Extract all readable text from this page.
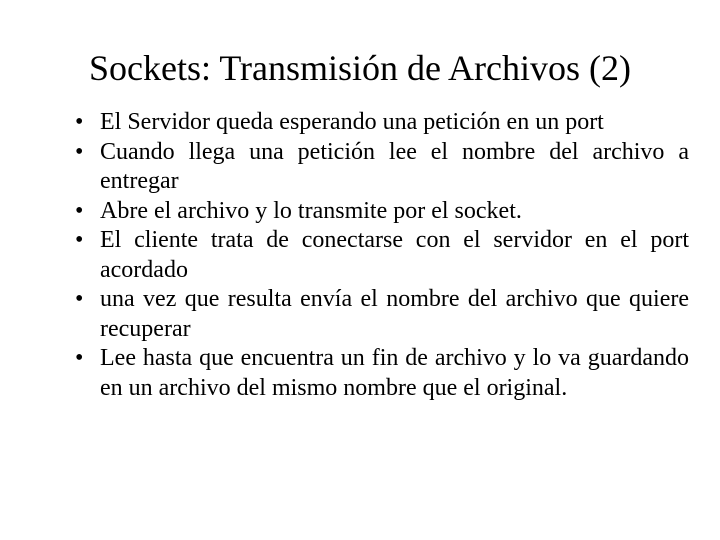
Sockets: Transmisión de Archivos (2)
• El Servidor queda esperando una petición en un port
• Cuando llega una petición lee el nombre del archivo a entregar
• Abre el archivo y lo transmite por el socket.
• El cliente trata de conectarse con el servidor en el port acordado
• una vez que resulta envía el nombre del archivo que quiere recuperar
• Lee hasta que encuentra un fin de archivo y lo va guardando en un archivo del mismo nombre que el original.
